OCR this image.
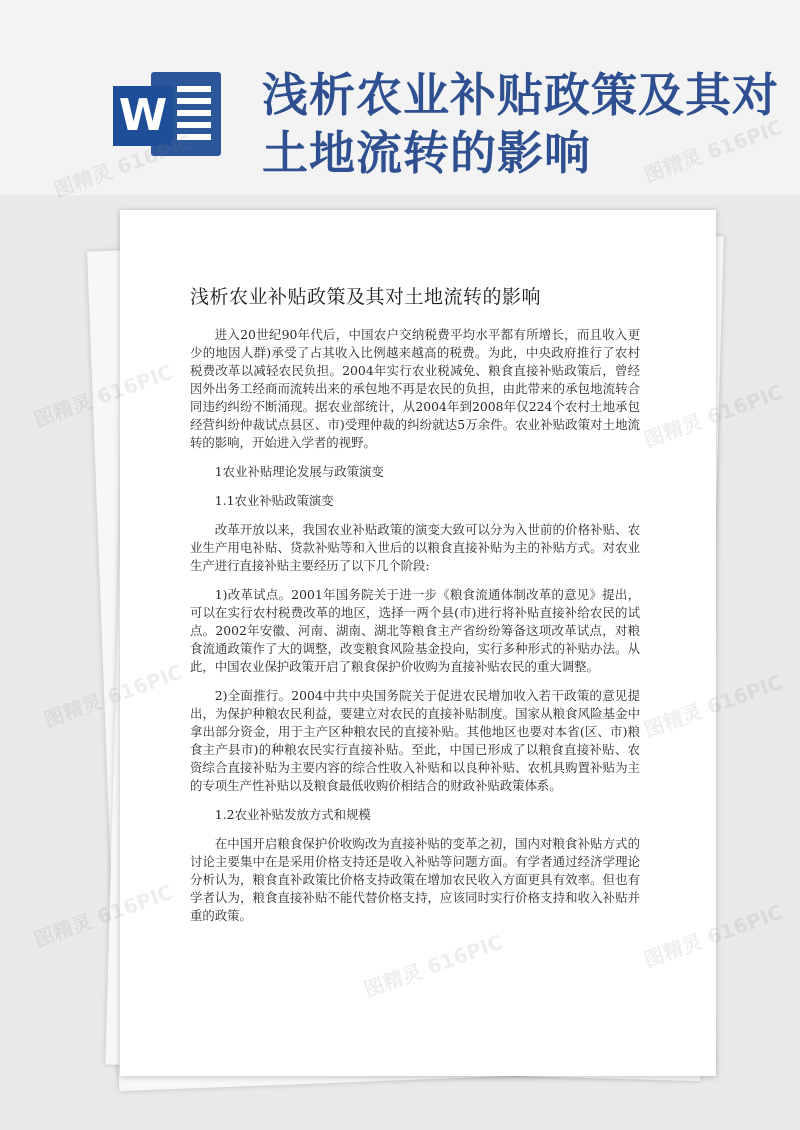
W 浅析农业补贴政策及其对土地流转的影响
浅析农业补贴政策及其对土地流转的影响

进入20世纪90年代后，中国农户交纳税费平均水平都有所增长，而且收入更少的地因人群)承受了占其收入比例越来越高的税费。为此，中央政府推行了农村税费改革以减轻农民负担。2004年实行农业税减免、粮食直接补贴政策后，曾经因外出务工经商而流转出来的承包地不再是农民的负担，由此带来的承包地流转合同违约纠纷不断涌现。据农业部统计，从2004年到2008年仅224个农村土地承包经营纠纷仲裁试点县区、市)受理仲裁的纠纷就达5万余件。农业补贴政策对土地流转的影响，开始进入学者的视野。

1农业补贴理论发展与政策演变
1.1农业补贴政策演变

改革开放以来，我国农业补贴政策的演变大致可以分为入世前的价格补贴、农业生产用电补贴、贷款补贴等和入世后的以粮食直接补贴为主的补贴方式。对农业生产进行直接补贴主要经历了以下几个阶段:

1)改革试点。2001年国务院关于进一步《粮食流通体制改革的意见》提出，可以在实行农村税费改革的地区，选择一两个县(市)进行将补贴直接补给农民的试点。2002年安徽、河南、湖南、湖北等粮食主产省纷纷筹备这项改革试点，对粮食流通政策作了大的调整，改变粮食风险基金投向，实行多种形式的补贴办法。从此，中国农业保护政策开启了粮食保护价收购为直接补贴农民的重大调整。

2)全面推行。2004中共中央国务院关于促进农民增加收入若干政策的意见提出，为保护种粮农民利益，要建立对农民的直接补贴制度。国家从粮食风险基金中拿出部分资金，用于主产区种粮农民的直接补贴。其他地区也要对本省(区、市)粮食主产县市)的种粮农民实行直接补贴。至此，中国已形成了以粮食直接补贴、农资综合直接补贴为主要内容的综合性收入补贴和以良种补贴、农机具购置补贴为主的专项生产性补贴以及粮食最低收购价相结合的财政补贴政策体系。

1.2农业补贴发放方式和规模

在中国开启粮食保护价收购改为直接补贴的变革之初，国内对粮食补贴方式的讨论主要集中在是采用价格支持还是收入补贴等问题方面。有学者通过经济学理论分析认为，粮食直补政策比价格支持政策在增加农民收入方面更具有效率。但也有学者认为，粮食直接补贴不能代替价格支持，应该同时实行价格支持和收入补贴并重的政策。

图精灵	616PIC
图精灵	616PIC
图精灵 616PIC	616PIC
